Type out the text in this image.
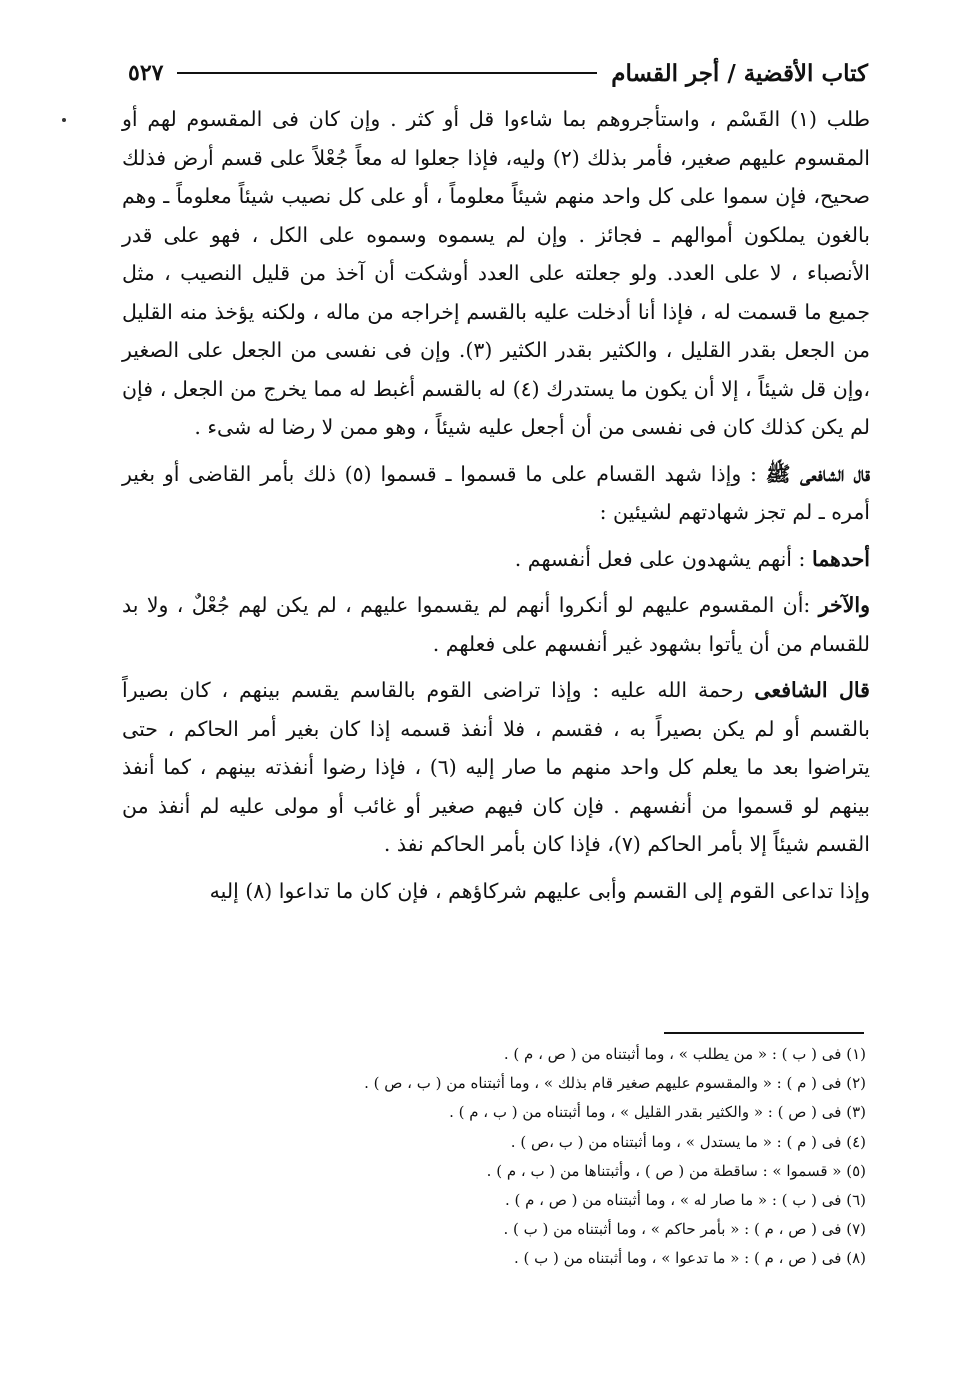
كتاب الأقضية / أجر القسام
٥٢٧

طلب (١) القَسْم ، واستأجروهم بما شاءوا قل أو كثر . وإن كان فى المقسوم لهم أو المقسوم عليهم صغير، فأمر بذلك (٢) وليه، فإذا جعلوا له معاً جُعْلاً على قسم أرض فذلك صحيح، فإن سموا على كل واحد منهم شيئاً معلوماً ، أو على كل نصيب شيئاً معلوماً ـ وهم بالغون يملكون أموالهم ـ فجائز . وإن لم يسموه وسموه على الكل ، فهو على قدر الأنصباء ، لا على العدد. ولو جعلته على العدد أوشكت أن آخذ من قليل النصيب ، مثل جميع ما قسمت له ، فإذا أنا أدخلت عليه بالقسم إخراجه من ماله ، ولكنه يؤخذ منه القليل من الجعل بقدر القليل ، والكثير بقدر الكثير (٣). وإن فى نفسى من الجعل على الصغير ،وإن قل شيئاً ، إلا أن يكون ما يستدرك (٤) له بالقسم أغبط له مما يخرج من الجعل ، فإن لم يكن كذلك كان فى نفسى من أن أجعل عليه شيئاً ، وهو ممن لا رضا له شىء .

قال الشافعى ﷺ : وإذا شهد القسام على ما قسموا ـ قسموا (٥) ذلك بأمر القاضى أو بغير أمره ـ لم تجز شهادتهم لشيئين :

أحدهما : أنهم يشهدون على فعل أنفسهم .

والآخر :أن المقسوم عليهم لو أنكروا أنهم لم يقسموا عليهم ، لم يكن لهم جُعْلٌ ، ولا بد للقسام من أن يأتوا بشهود غير أنفسهم على فعلهم .

قال الشافعى رحمة الله عليه : وإذا تراضى القوم بالقاسم يقسم بينهم ، كان بصيراً بالقسم أو لم يكن بصيراً به ، فقسم ، فلا أنفذ قسمه إذا كان بغير أمر الحاكم ، حتى يتراضوا بعد ما يعلم كل واحد منهم ما صار إليه (٦) ، فإذا رضوا أنفذته بينهم ، كما أنفذ بينهم لو قسموا من أنفسهم . فإن كان فيهم صغير أو غائب أو مولى عليه لم أنفذ من القسم شيئاً إلا بأمر الحاكم (٧)، فإذا كان بأمر الحاكم نفذ .

وإذا تداعى القوم إلى القسم وأبى عليهم شركاؤهم ، فإن كان ما تداعوا (٨) إليه

(١) فى ( ب ) : « من يطلب » ، وما أثبتناه من ( ص ، م ) .
(٢) فى ( م ) : « والمقسوم عليهم صغير قام بذلك » ، وما أثبتناه من ( ب ، ص ) .
(٣) فى ( ص ) : « والكثير بقدر القليل » ، وما أثبتناه من ( ب ، م ) .
(٤) فى ( م ) : « ما يستدل » ، وما أثبتناه من ( ب ،ص ) .
(٥) « قسموا » : ساقطة من ( ص ) ، وأثبتناها من ( ب ، م ) .
(٦) فى ( ب ) : « ما صار له » ، وما أثبتناه من ( ص ، م ) .
(٧) فى ( ص ، م ) : « بأمر حاكم » ، وما أثبتناه من ( ب ) .
(٨) فى ( ص ، م ) : « ما تدعوا » ، وما أثبتناه من ( ب ) .
